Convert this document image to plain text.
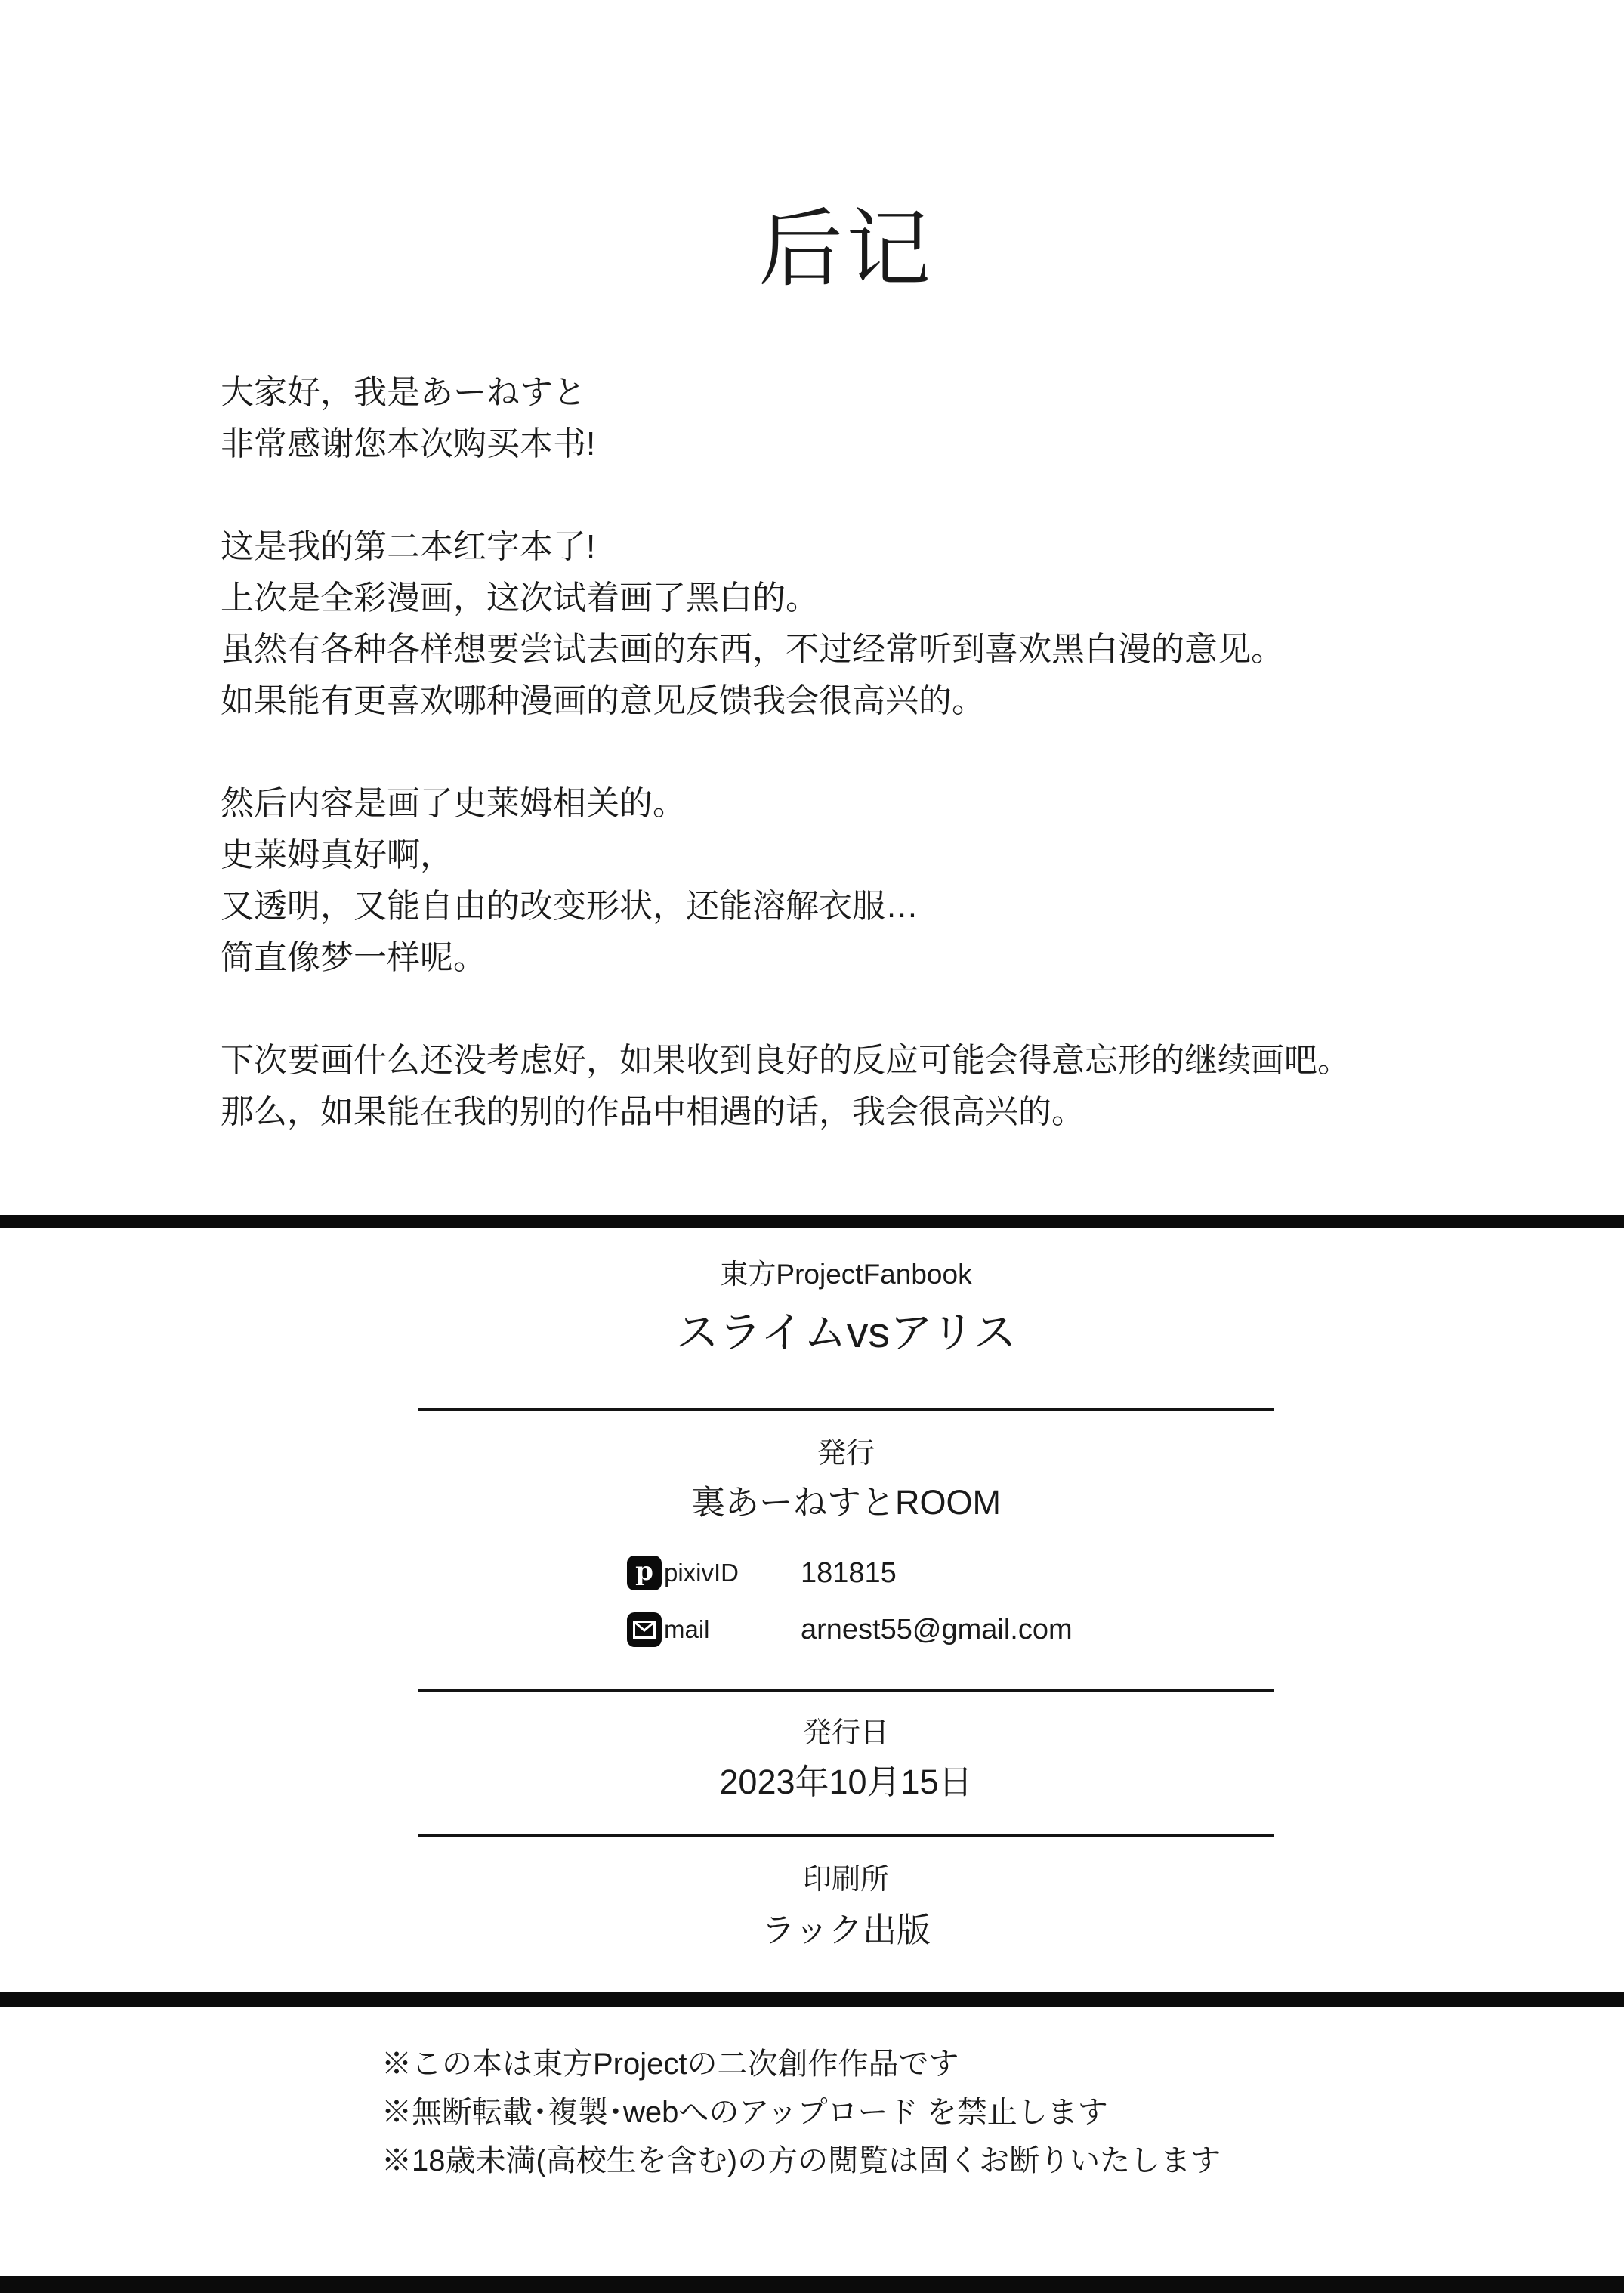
后记
大家好，我是あーねすと
非常感谢您本次购买本书!

这是我的第二本红字本了!
上次是全彩漫画，这次试着画了黑白的。
虽然有各种各样想要尝试去画的东西，不过经常听到喜欢黑白漫的意见。
如果能有更喜欢哪种漫画的意见反馈我会很高兴的。

然后内容是画了史莱姆相关的。
史莱姆真好啊，
又透明，又能自由的改变形状，还能溶解衣服…
简直像梦一样呢。

下次要画什么还没考虑好，如果收到良好的反应可能会得意忘形的继续画吧。
那么，如果能在我的别的作品中相遇的话，我会很高兴的。
東方ProjectFanbook
スライムvsアリス
発行
裏あーねすとROOM
p pixivID	181815
mail	arnest55@gmail.com
発行日
2023年10月15日
印刷所
ラック出版
※この本は東方Projectの二次創作作品です
※無断転載･複製･webへのアップロード を禁止します
※18歳未満(高校生を含む)の方の閲覧は固くお断りいたします
